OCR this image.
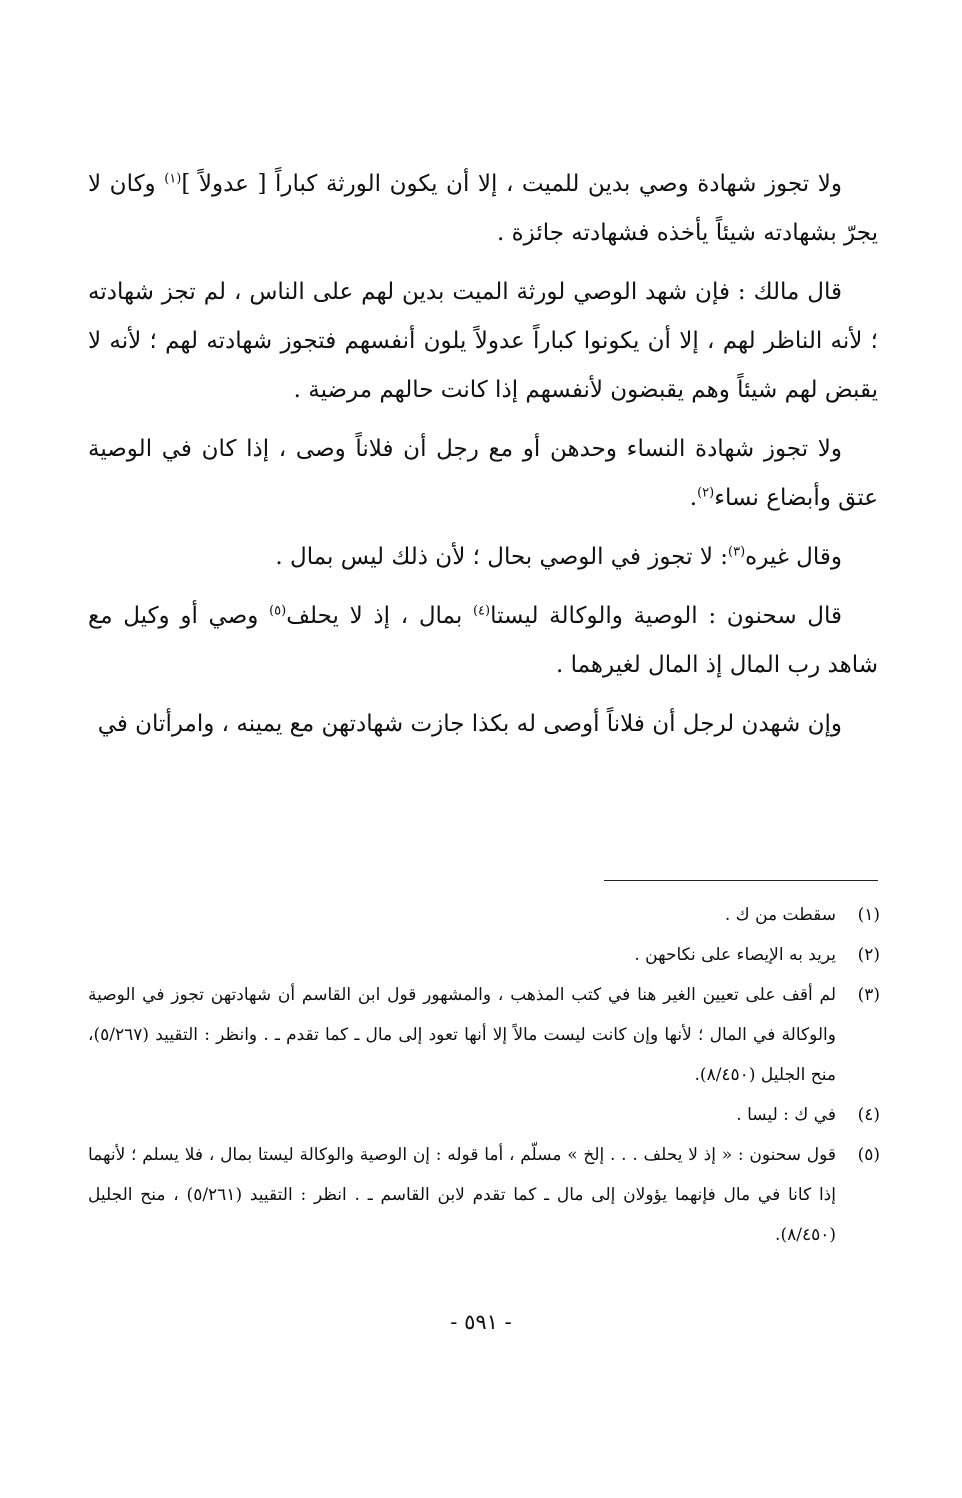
ولا تجوز شهادة وصي بدين للميت ، إلا أن يكون الورثة كباراً [ عدولاً ]$^{(١)}$ وكان لا يجرّ بشهادته شيئاً يأخذه فشهادته جائزة .

قال مالك : فإن شهد الوصي لورثة الميت بدين لهم على الناس ، لم تجز شهادته ؛ لأنه الناظر لهم ، إلا أن يكونوا كباراً عدولاً يلون أنفسهم فتجوز شهادته لهم ؛ لأنه لا يقبض لهم شيئاً وهم يقبضون لأنفسهم إذا كانت حالهم مرضية .

ولا تجوز شهادة النساء وحدهن أو مع رجل أن فلاناً وصى ، إذا كان في الوصية عتق وأبضاع نساء$^{(٢)}$.

وقال غيره$^{(٣)}$: لا تجوز في الوصي بحال ؛ لأن ذلك ليس بمال .

قال سحنون : الوصية والوكالة ليستا$^{(٤)}$ بمال ، إذ لا يحلف$^{(٥)}$ وصي أو وكيل مع شاهد رب المال إذ المال لغيرهما .

وإن شهدن لرجل أن فلاناً أوصى له بكذا جازت شهادتهن مع يمينه ، وامرأتان في

(١)
سقطت من ك .
(٢)
يريد به الإيصاء على نكاحهن .
(٣)
لم أقف على تعيين الغير هنا في كتب المذهب ، والمشهور قول ابن القاسم أن شهادتهن تجوز في الوصية والوكالة في المال ؛ لأنها وإن كانت ليست مالاً إلا أنها تعود إلى مال ـ كما تقدم ـ . وانظر : التقييد (٥/٢٦٧)، منح الجليل (٨/٤٥٠).
(٤)
في ك : ليسا .
(٥)
قول سحنون : « إذ لا يحلف . . . إلخ » مسلّم ، أما قوله : إن الوصية والوكالة ليستا بمال ، فلا يسلم ؛ لأنهما إذا كانا في مال فإنهما يؤولان إلى مال ـ كما تقدم لابن القاسم ـ . انظر : التقييد (٥/٢٦١) ، منح الجليل (٨/٤٥٠).
- ٥٩١ -
